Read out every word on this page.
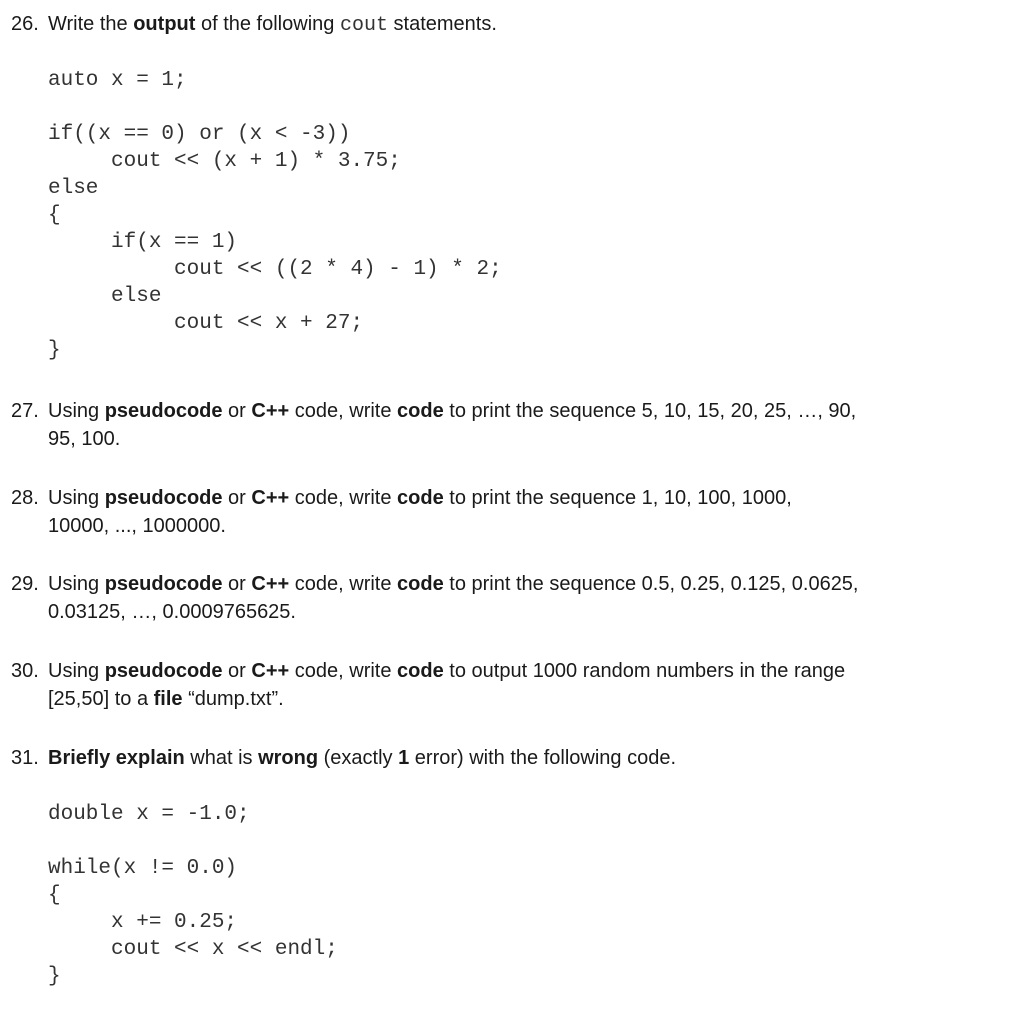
26. Write the output of the following cout statements.
auto x = 1;
if((x == 0) or (x < -3))
cout << (x + 1) * 3.75;
else
{
if(x == 1)
cout << ((2 * 4) - 1) * 2;
else
cout << x + 27;
}
27. Using pseudocode or C++ code, write code to print the sequence 5, 10, 15, 20, 25, …, 90,
95, 100.
28. Using pseudocode or C++ code, write code to print the sequence 1, 10, 100, 1000,
10000, ..., 1000000.
29. Using pseudocode or C++ code, write code to print the sequence 0.5, 0.25, 0.125, 0.0625,
0.03125, …, 0.0009765625.
30. Using pseudocode or C++ code, write code to output 1000 random numbers in the range
[25,50] to a file “dump.txt”.
31. Briefly explain what is wrong (exactly 1 error) with the following code.
double x = -1.0;
while(x != 0.0)
{
x += 0.25;
cout << x << endl;
}
